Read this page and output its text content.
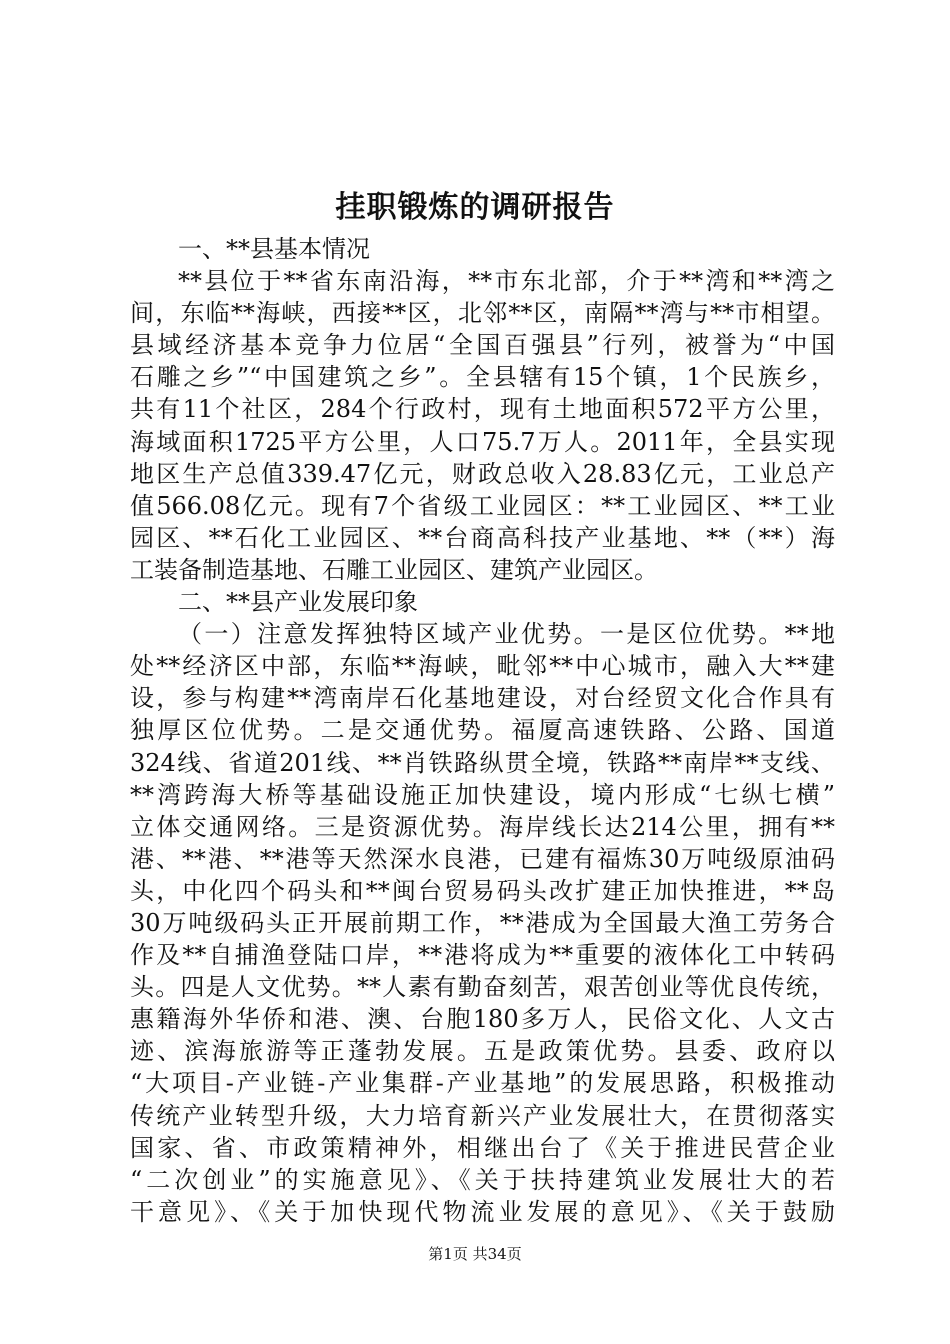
挂职锻炼的调研报告
一、**县基本情况
**县位于**省东南沿海，**市东北部，介于**湾和**湾之
间，东临**海峡，西接**区，北邻**区，南隔**湾与**市相望。
县域经济基本竞争力位居“全国百强县”行列，被誉为“中国
石雕之乡”“中国建筑之乡”。全县辖有15个镇，1个民族乡，
共有11个社区，284个行政村，现有土地面积572平方公里，
海域面积1725平方公里，人口75.7万人。2011年，全县实现
地区生产总值339.47亿元，财政总收入28.83亿元，工业总产
值566.08亿元。现有7个省级工业园区：**工业园区、**工业
园区、**石化工业园区、**台商高科技产业基地、**（**）海
工装备制造基地、石雕工业园区、建筑产业园区。
二、**县产业发展印象
（一）注意发挥独特区域产业优势。一是区位优势。**地
处**经济区中部，东临**海峡，毗邻**中心城市，融入大**建
设，参与构建**湾南岸石化基地建设，对台经贸文化合作具有
独厚区位优势。二是交通优势。福厦高速铁路、公路、国道
324线、省道201线、**肖铁路纵贯全境，铁路**南岸**支线、
**湾跨海大桥等基础设施正加快建设，境内形成“七纵七横”
立体交通网络。三是资源优势。海岸线长达214公里，拥有**
港、**港、**港等天然深水良港，已建有福炼30万吨级原油码
头，中化四个码头和**闽台贸易码头改扩建正加快推进，**岛
30万吨级码头正开展前期工作，**港成为全国最大渔工劳务合
作及**自捕渔登陆口岸，**港将成为**重要的液体化工中转码
头。四是人文优势。**人素有勤奋刻苦，艰苦创业等优良传统，
惠籍海外华侨和港、澳、台胞180多万人，民俗文化、人文古
迹、滨海旅游等正蓬勃发展。五是政策优势。县委、政府以
“大项目-产业链-产业集群-产业基地”的发展思路，积极推动
传统产业转型升级，大力培育新兴产业发展壮大，在贯彻落实
国家、省、市政策精神外，相继出台了《关于推进民营企业
“二次创业”的实施意见》、《关于扶持建筑业发展壮大的若
干意见》、《关于加快现代物流业发展的意见》、《关于鼓励
第1页 共34页
